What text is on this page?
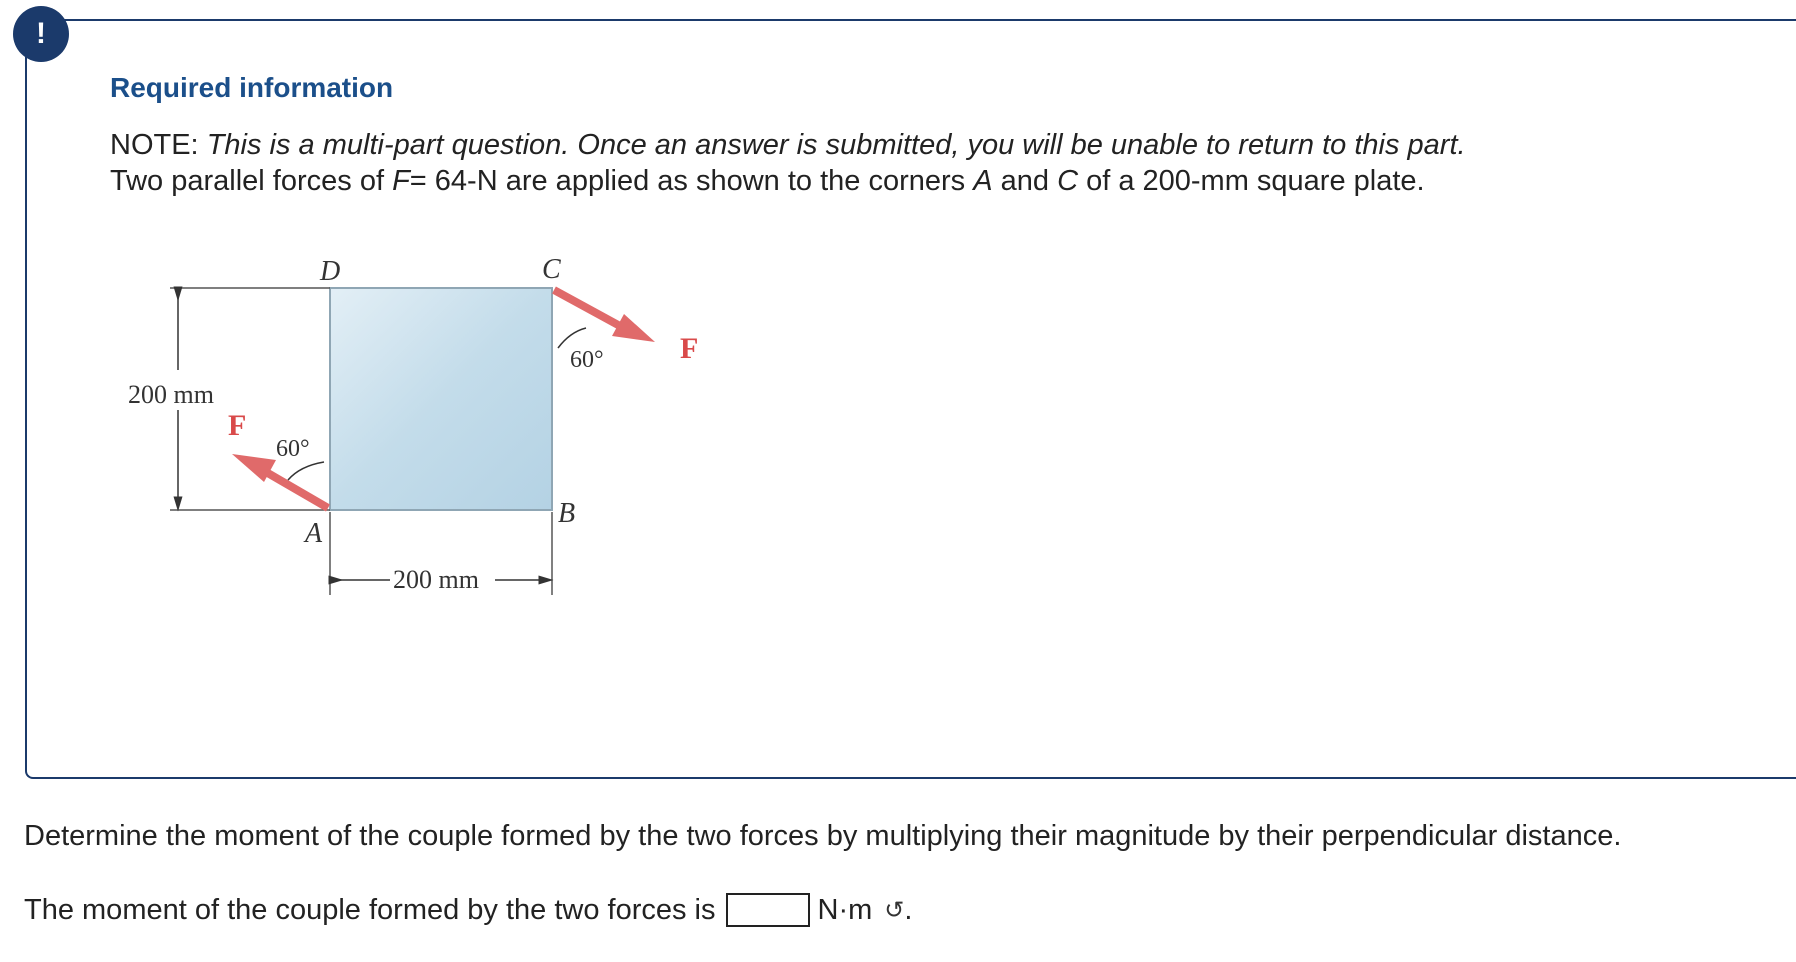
!
Required information
NOTE: This is a multi-part question. Once an answer is submitted, you will be unable to return to this part.
Two parallel forces of F= 64-N are applied as shown to the corners A and C of a 200-mm square plate.
200 mm
200 mm
D	C
A
B
F
60°
F
60°
Determine the moment of the couple formed by the two forces by multiplying their magnitude by their perpendicular distance.
The moment of the couple formed by the two forces is	N·m ↺ .
